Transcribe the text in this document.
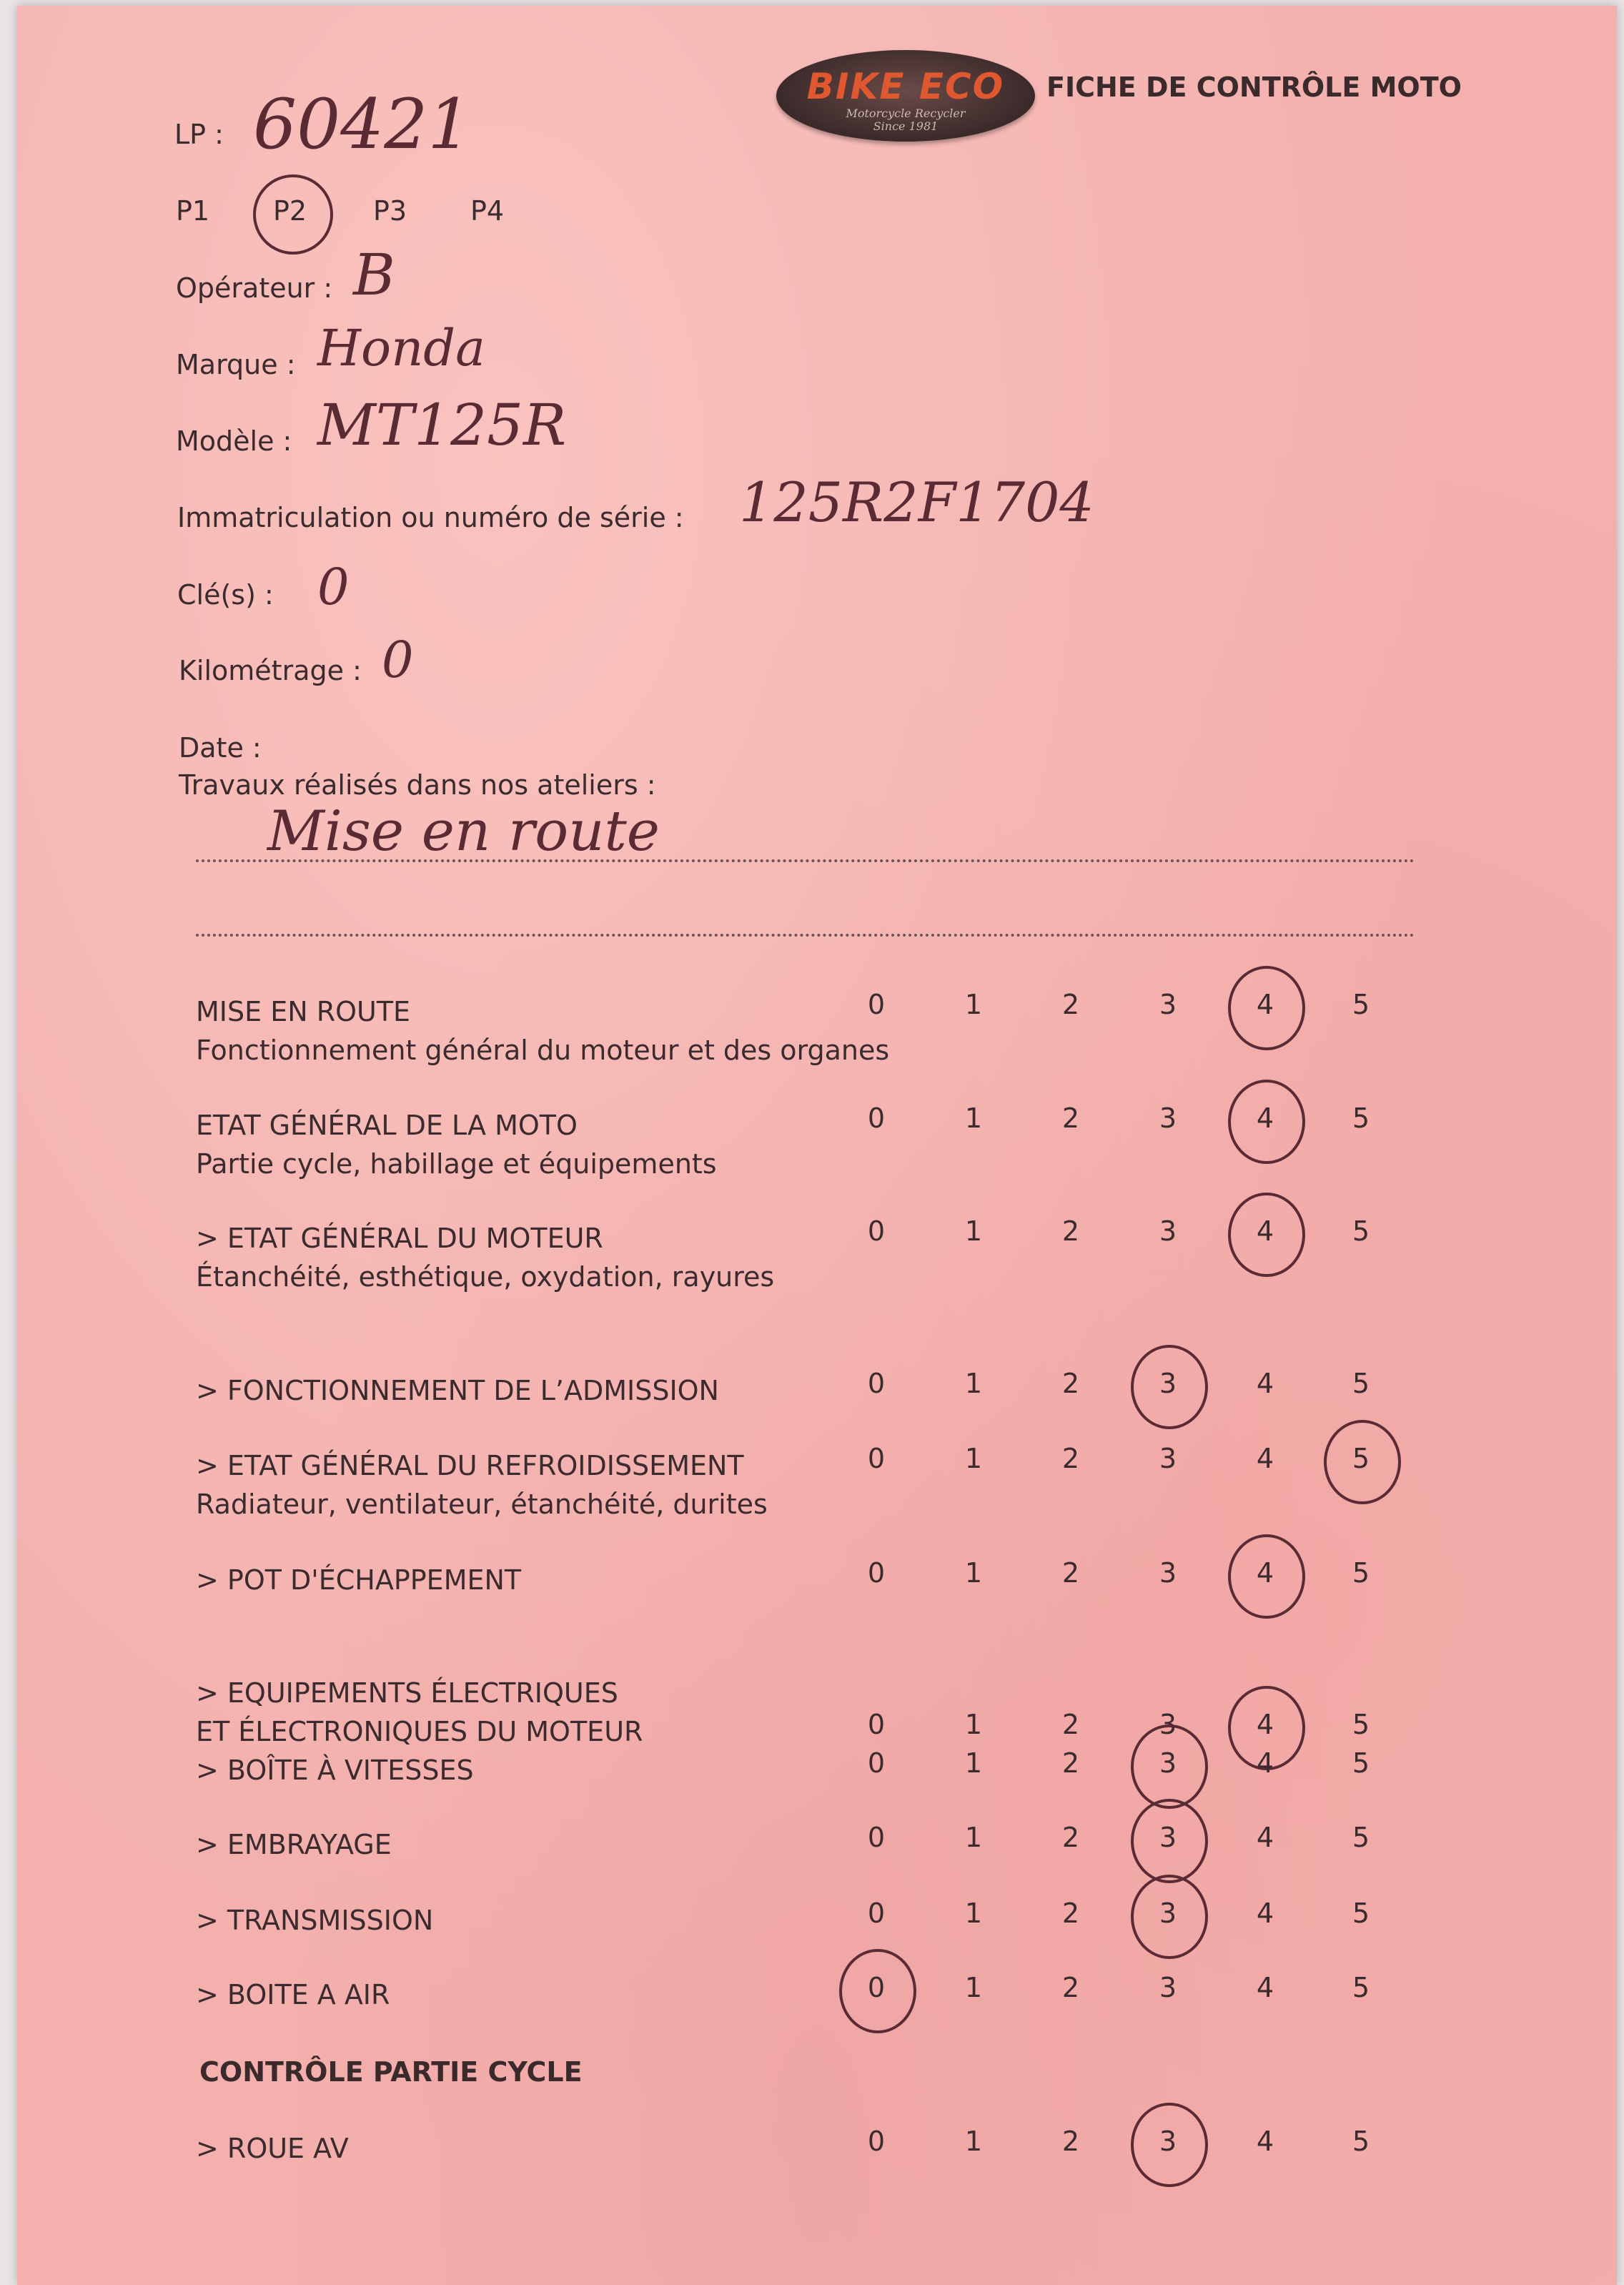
BIKE ECO
Motorcycle Recycler
Since 1981
FICHE DE CONTRÔLE MOTO
LP : 60421
P1 P2 P3 P4
Opérateur : B
Marque : Honda
Modèle : MT125R
Immatriculation ou numéro de série : 125R2F1704
Clé(s) : 0
Kilométrage : 0
Date :
Travaux réalisés dans nos ateliers :
Mise en route
MISE EN ROUTE
Fonctionnement général du moteur et des organes
0	1	2	3	4	5
ETAT GÉNÉRAL DE LA MOTO
Partie cycle, habillage et équipements
0	1	2	3	4	5
> ETAT GÉNÉRAL DU MOTEUR
Étanchéité, esthétique, oxydation, rayures
0	1	2	3	4	5
> FONCTIONNEMENT DE L’ADMISSION	0	1	2	3	4	5
> ETAT GÉNÉRAL DU REFROIDISSEMENT
Radiateur, ventilateur, étanchéité, durites
0	1	2	3	4	5
> POT D'ÉCHAPPEMENT	0	1	2	3	4	5
> EQUIPEMENTS ÉLECTRIQUES
ET ÉLECTRONIQUES DU MOTEUR	0	1	2	3	4	5
> BOÎTE À VITESSES	0	1	2	3	4	5
> EMBRAYAGE	0	1	2	3	4	5
> TRANSMISSION	0	1	2	3	4	5
> BOITE A AIR	0	1	2	3	4	5
CONTRÔLE PARTIE CYCLE
> ROUE AV	0	1	2	3	4	5
